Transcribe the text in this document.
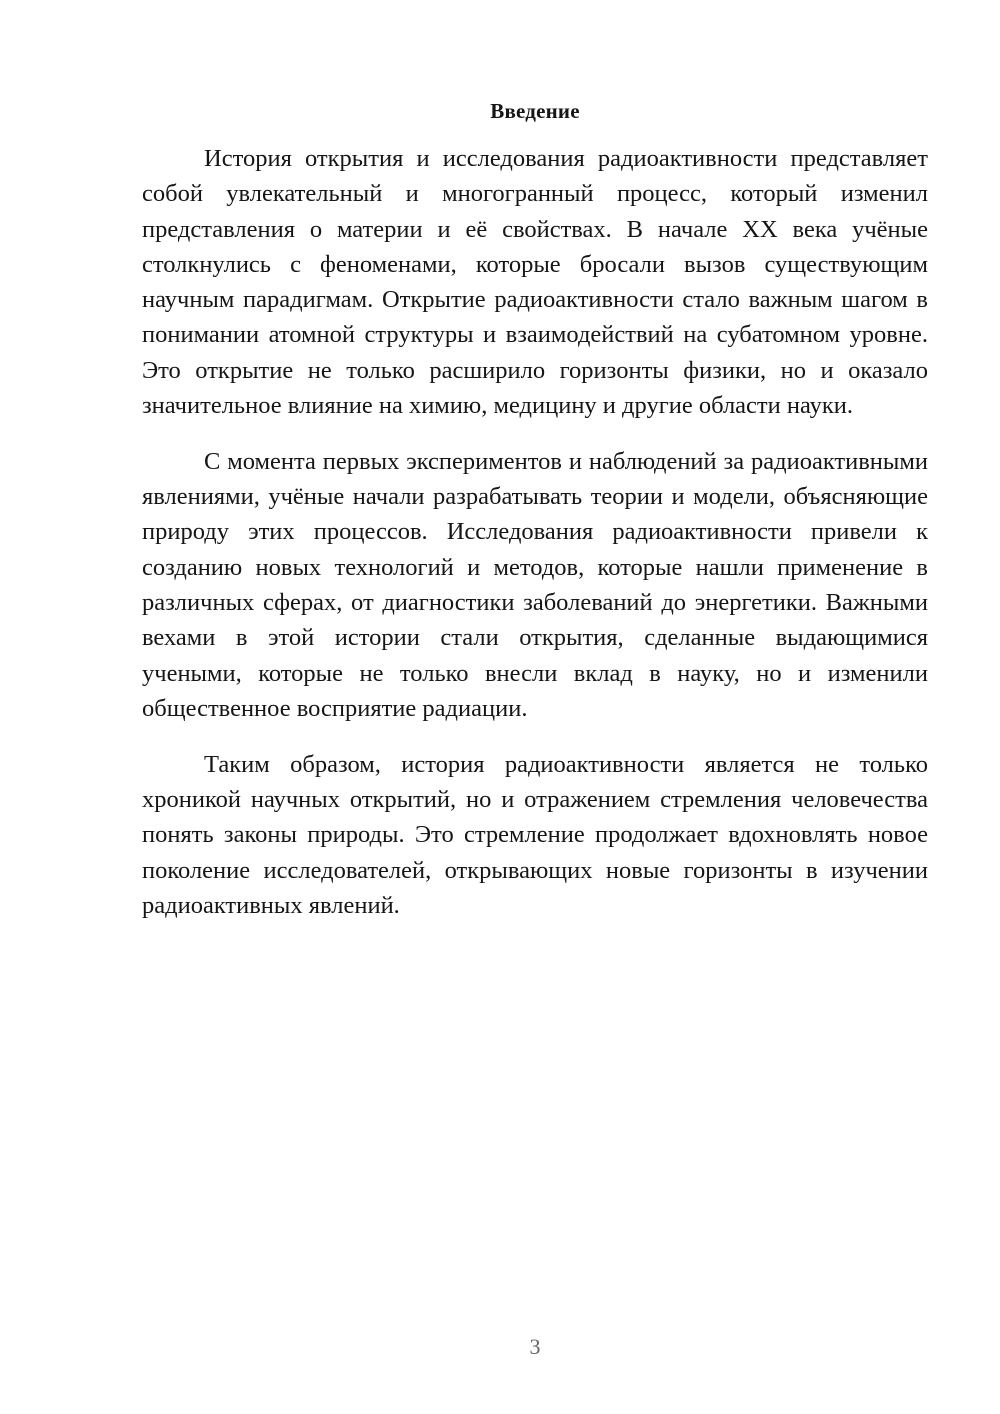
Введение

История открытия и исследования радиоактивности представляет собой увлекательный и многогранный процесс, который изменил представления о материи и её свойствах. В начале XX века учёные столкнулись с феноменами, которые бросали вызов существующим научным парадигмам. Открытие радиоактивности стало важным шагом в понимании атомной структуры и взаимодействий на субатомном уровне. Это открытие не только расширило горизонты физики, но и оказало значительное влияние на химию, медицину и другие области науки.

С момента первых экспериментов и наблюдений за радиоактивными явлениями, учёные начали разрабатывать теории и модели, объясняющие природу этих процессов. Исследования радиоактивности привели к созданию новых технологий и методов, которые нашли применение в различных сферах, от диагностики заболеваний до энергетики. Важными вехами в этой истории стали открытия, сделанные выдающимися учеными, которые не только внесли вклад в науку, но и изменили общественное восприятие радиации.

Таким образом, история радиоактивности является не только хроникой научных открытий, но и отражением стремления человечества понять законы природы. Это стремление продолжает вдохновлять новое поколение исследователей, открывающих новые горизонты в изучении радиоактивных явлений.

3
